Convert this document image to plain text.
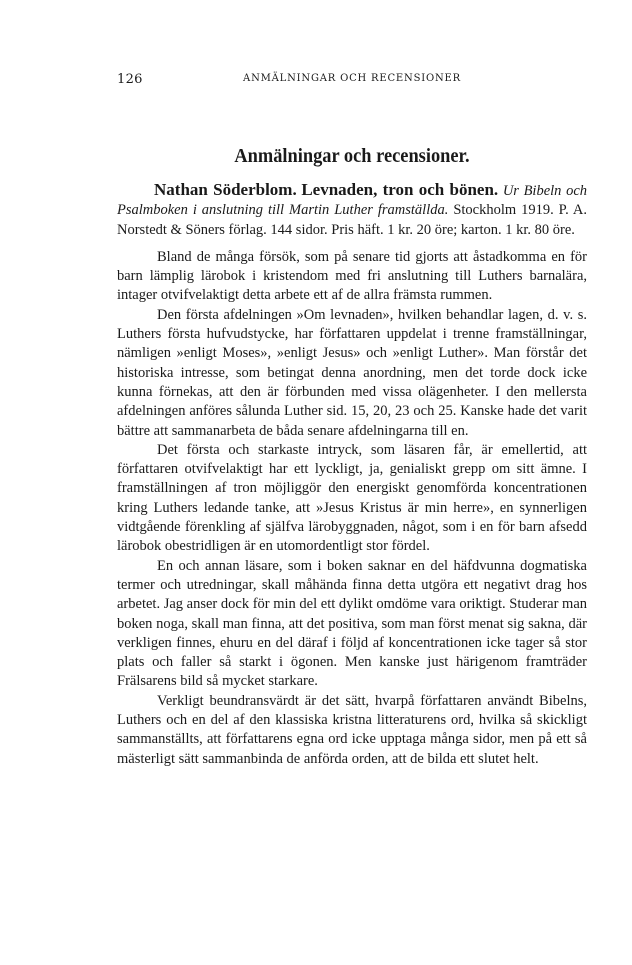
126	ANMÄLNINGAR OCH RECENSIONER
Anmälningar och recensioner.

Nathan Söderblom. Levnaden, tron och bönen. Ur Bibeln och Psalmboken i anslutning till Martin Luther framställda. Stockholm 1919. P. A. Norstedt & Söners förlag. 144 sidor. Pris häft. 1 kr. 20 öre; karton. 1 kr. 80 öre.

Bland de många försök, som på senare tid gjorts att åstadkomma en för barn lämplig lärobok i kristendom med fri anslutning till Luthers barnalära, intager otvifvelaktigt detta arbete ett af de allra främsta rummen.

Den första afdelningen »Om levnaden», hvilken behandlar lagen, d. v. s. Luthers första hufvudstycke, har författaren uppdelat i trenne framställningar, nämligen »enligt Moses», »enligt Jesus» och »enligt Luther». Man förstår det historiska intresse, som betingat denna anordning, men det torde dock icke kunna förnekas, att den är förbunden med vissa olägenheter. I den mellersta afdelningen anföres sålunda Luther sid. 15, 20, 23 och 25. Kanske hade det varit bättre att sammanarbeta de båda senare afdelningarna till en.

Det första och starkaste intryck, som läsaren får, är emellertid, att författaren otvifvelaktigt har ett lyckligt, ja, genialiskt grepp om sitt ämne. I framställningen af tron möjliggör den energiskt genomförda koncentrationen kring Luthers ledande tanke, att »Jesus Kristus är min herre», en synnerligen vidtgående förenkling af själfva lärobyggnaden, något, som i en för barn afsedd lärobok obestridligen är en utomordentligt stor fördel.

En och annan läsare, som i boken saknar en del häfdvunna dogmatiska termer och utredningar, skall måhända finna detta utgöra ett negativt drag hos arbetet. Jag anser dock för min del ett dylikt omdöme vara oriktigt. Studerar man boken noga, skall man finna, att det positiva, som man först menat sig sakna, där verkligen finnes, ehuru en del däraf i följd af koncentrationen icke tager så stor plats och faller så starkt i ögonen. Men kanske just härigenom framträder Frälsarens bild så mycket starkare.

Verkligt beundransvärdt är det sätt, hvarpå författaren användt Bibelns, Luthers och en del af den klassiska kristna litteraturens ord, hvilka så skickligt sammanställts, att författarens egna ord icke upptaga många sidor, men på ett så mästerligt sätt sammanbinda de anförda orden, att de bilda ett slutet helt.
